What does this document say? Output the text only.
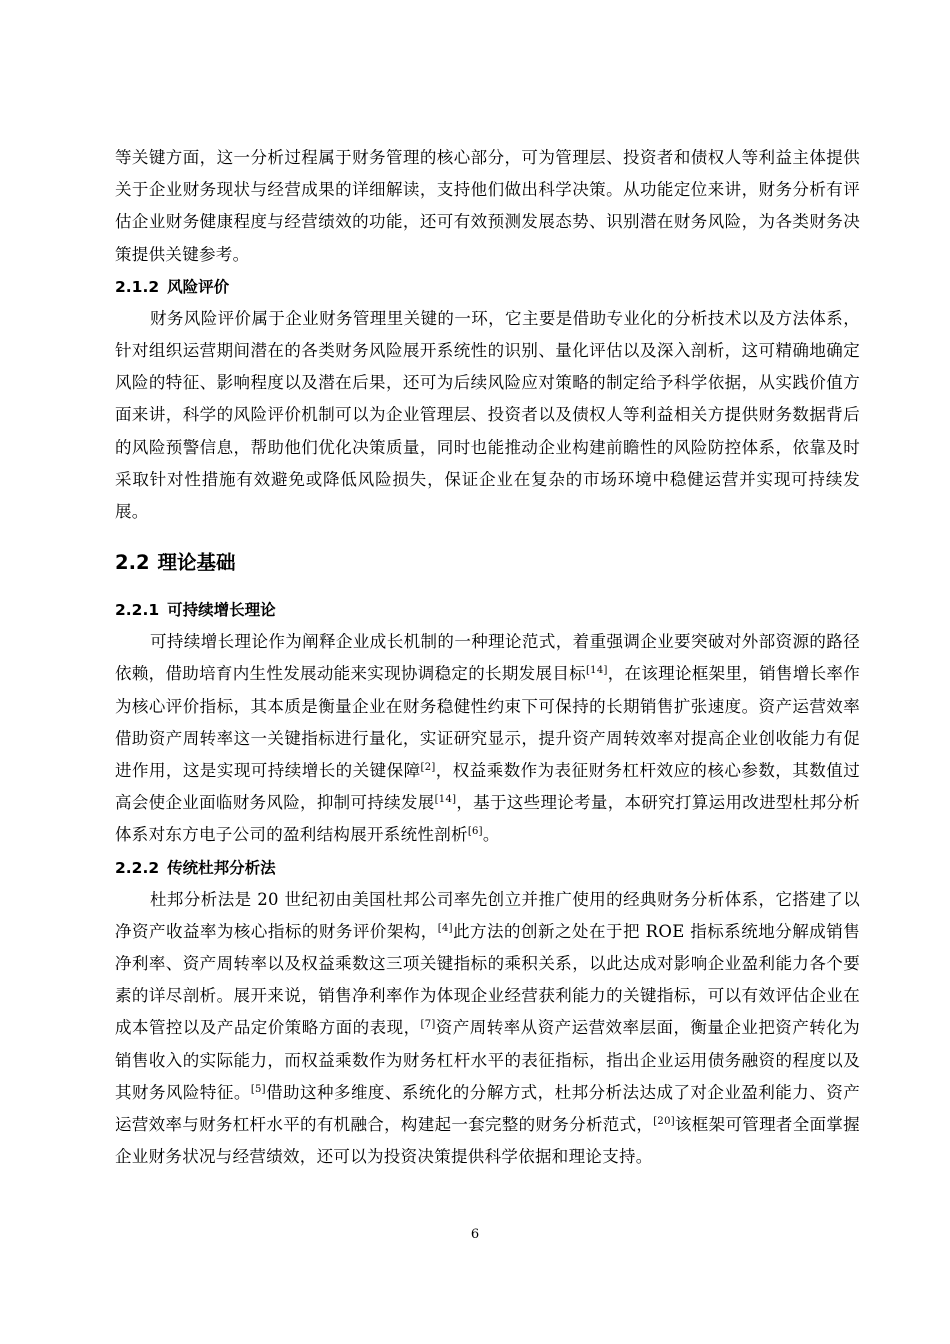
等关键方面，这一分析过程属于财务管理的核心部分，可为管理层、投资者和债权人等利益主体提供关于企业财务现状与经营成果的详细解读，支持他们做出科学决策。从功能定位来讲，财务分析有评估企业财务健康程度与经营绩效的功能，还可有效预测发展态势、识别潜在财务风险，为各类财务决策提供关键参考。

2.1.2 风险评价

财务风险评价属于企业财务管理里关键的一环，它主要是借助专业化的分析技术以及方法体系，针对组织运营期间潜在的各类财务风险展开系统性的识别、量化评估以及深入剖析，这可精确地确定风险的特征、影响程度以及潜在后果，还可为后续风险应对策略的制定给予科学依据，从实践价值方面来讲，科学的风险评价机制可以为企业管理层、投资者以及债权人等利益相关方提供财务数据背后的风险预警信息，帮助他们优化决策质量，同时也能推动企业构建前瞻性的风险防控体系，依靠及时采取针对性措施有效避免或降低风险损失，保证企业在复杂的市场环境中稳健运营并实现可持续发展。

2.2 理论基础

2.2.1 可持续增长理论

可持续增长理论作为阐释企业成长机制的一种理论范式，着重强调企业要突破对外部资源的路径依赖，借助培育内生性发展动能来实现协调稳定的长期发展目标[14]，在该理论框架里，销售增长率作为核心评价指标，其本质是衡量企业在财务稳健性约束下可保持的长期销售扩张速度。资产运营效率借助资产周转率这一关键指标进行量化，实证研究显示，提升资产周转效率对提高企业创收能力有促进作用，这是实现可持续增长的关键保障[2]，权益乘数作为表征财务杠杆效应的核心参数，其数值过高会使企业面临财务风险，抑制可持续发展[14]，基于这些理论考量，本研究打算运用改进型杜邦分析体系对东方电子公司的盈利结构展开系统性剖析[6]。

2.2.2 传统杜邦分析法

杜邦分析法是 20 世纪初由美国杜邦公司率先创立并推广使用的经典财务分析体系，它搭建了以净资产收益率为核心指标的财务评价架构，[4]此方法的创新之处在于把 ROE 指标系统地分解成销售净利率、资产周转率以及权益乘数这三项关键指标的乘积关系，以此达成对影响企业盈利能力各个要素的详尽剖析。展开来说，销售净利率作为体现企业经营获利能力的关键指标，可以有效评估企业在成本管控以及产品定价策略方面的表现，[7]资产周转率从资产运营效率层面，衡量企业把资产转化为销售收入的实际能力，而权益乘数作为财务杠杆水平的表征指标，指出企业运用债务融资的程度以及其财务风险特征。[5]借助这种多维度、系统化的分解方式，杜邦分析法达成了对企业盈利能力、资产运营效率与财务杠杆水平的有机融合，构建起一套完整的财务分析范式，[20]该框架可管理者全面掌握企业财务状况与经营绩效，还可以为投资决策提供科学依据和理论支持。

6
